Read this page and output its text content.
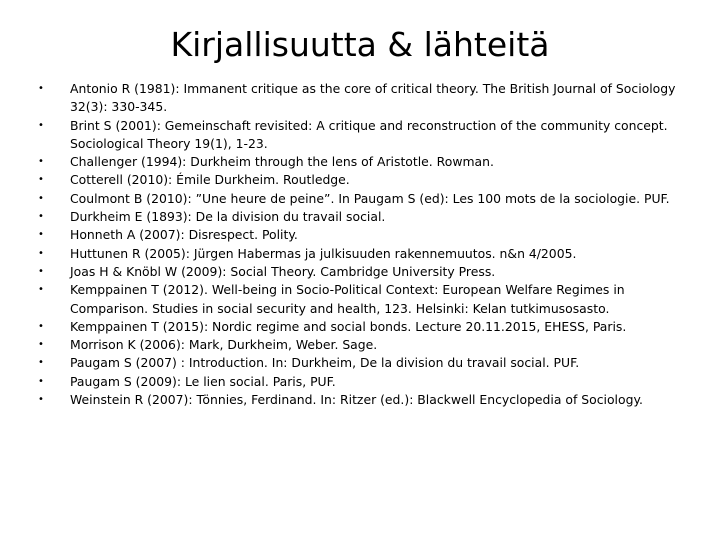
Kirjallisuutta & lähteitä
• Antonio R (1981): Immanent critique as the core of critical theory. The British Journal of Sociology 32(3): 330-345.
• Brint S (2001): Gemeinschaft revisited: A critique and reconstruction of the community concept. Sociological Theory 19(1), 1-23.
• Challenger (1994): Durkheim through the lens of Aristotle. Rowman.
• Cotterell (2010): Émile Durkheim. Routledge.
• Coulmont B (2010): ”Une heure de peine”. In Paugam S (ed): Les 100 mots de la sociologie. PUF.
• Durkheim E (1893): De la division du travail social.
• Honneth A (2007): Disrespect. Polity.
• Huttunen R (2005): Jürgen Habermas ja julkisuuden rakennemuutos. n&n 4/2005.
• Joas H & Knöbl W (2009): Social Theory. Cambridge University Press.
• Kemppainen T (2012). Well-being in Socio-Political Context: European Welfare Regimes in Comparison. Studies in social security and health, 123. Helsinki: Kelan tutkimusosasto.
• Kemppainen T (2015): Nordic regime and social bonds. Lecture 20.11.2015, EHESS, Paris.
• Morrison K (2006): Mark, Durkheim, Weber. Sage.
• Paugam S (2007) : Introduction. In: Durkheim, De la division du travail social. PUF.
• Paugam S (2009): Le lien social. Paris, PUF.
• Weinstein R (2007): Tönnies, Ferdinand. In: Ritzer (ed.): Blackwell Encyclopedia of Sociology.
